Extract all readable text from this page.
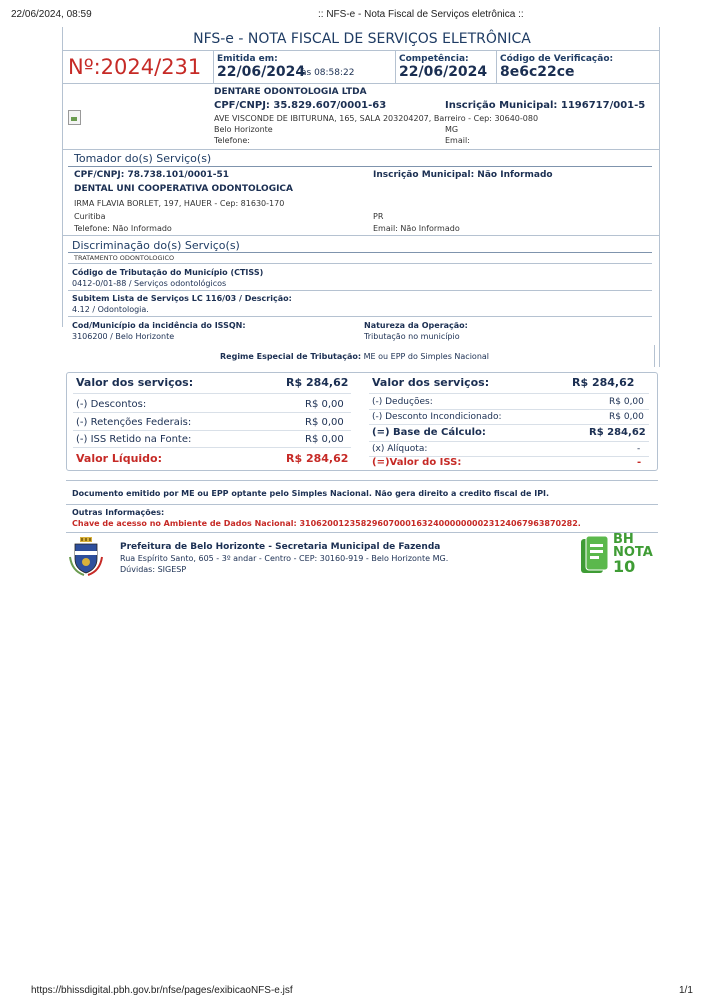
22/06/2024, 08:59	:: NFS-e - Nota Fiscal de Serviços eletrônica ::
NFS-e - NOTA FISCAL DE SERVIÇOS ELETRÔNICA
Nº:2024/231 Emitida em:
22/06/2024
às 08:58:22
Competência:
22/06/2024
Código de Verificação:
8e6c22ce
DENTARE ODONTOLOGIA LTDA
CPF/CNPJ: 35.829.607/0001-63	Inscrição Municipal: 1196717/001-5
AVE VISCONDE DE IBITURUNA, 165, SALA 203204207, Barreiro - Cep: 30640-080
Belo Horizonte	MG
Telefone:	Email:
Tomador do(s) Serviço(s)
CPF/CNPJ: 78.738.101/0001-51	Inscrição Municipal: Não Informado
DENTAL UNI COOPERATIVA ODONTOLOGICA
IRMA FLAVIA BORLET, 197, HAUER - Cep: 81630-170
Curitiba	PR
Telefone: Não Informado	Email: Não Informado
Discriminação do(s) Serviço(s)
TRATAMENTO ODONTOLOGICO
Código de Tributação do Município (CTISS)
0412-0/01-88 / Serviços odontológicos
Subitem Lista de Serviços LC 116/03 / Descrição:
4.12 / Odontologia.
Cod/Município da incidência do ISSQN:
3106200 / Belo Horizonte
Natureza da Operação:
Tributação no município
Regime Especial de Tributação: ME ou EPP do Simples Nacional
Valor dos serviços:	R$ 284,62
(-) Descontos:	R$ 0,00
(-) Retenções Federais:	R$ 0,00
(-) ISS Retido na Fonte:	R$ 0,00
Valor Líquido:	R$ 284,62
Valor dos serviços:	R$ 284,62
(-) Deduções:	R$ 0,00
(-) Desconto Incondicionado:	R$ 0,00
(=) Base de Cálculo:	R$ 284,62
(x) Alíquota:	-
(=)Valor do ISS:	-
Documento emitido por ME ou EPP optante pelo Simples Nacional. Não gera direito a credito fiscal de IPI.
Outras Informações:
Chave de acesso no Ambiente de Dados Nacional: 31062001235829607000163240000000023124067963870282.
Prefeitura de Belo Horizonte - Secretaria Municipal de Fazenda
Rua Espírito Santo, 605 - 3º andar - Centro - CEP: 30160-919 - Belo Horizonte MG.
Dúvidas: SIGESP
BH
NOTA
10
https://bhissdigital.pbh.gov.br/nfse/pages/exibicaoNFS-e.jsf	1/1
